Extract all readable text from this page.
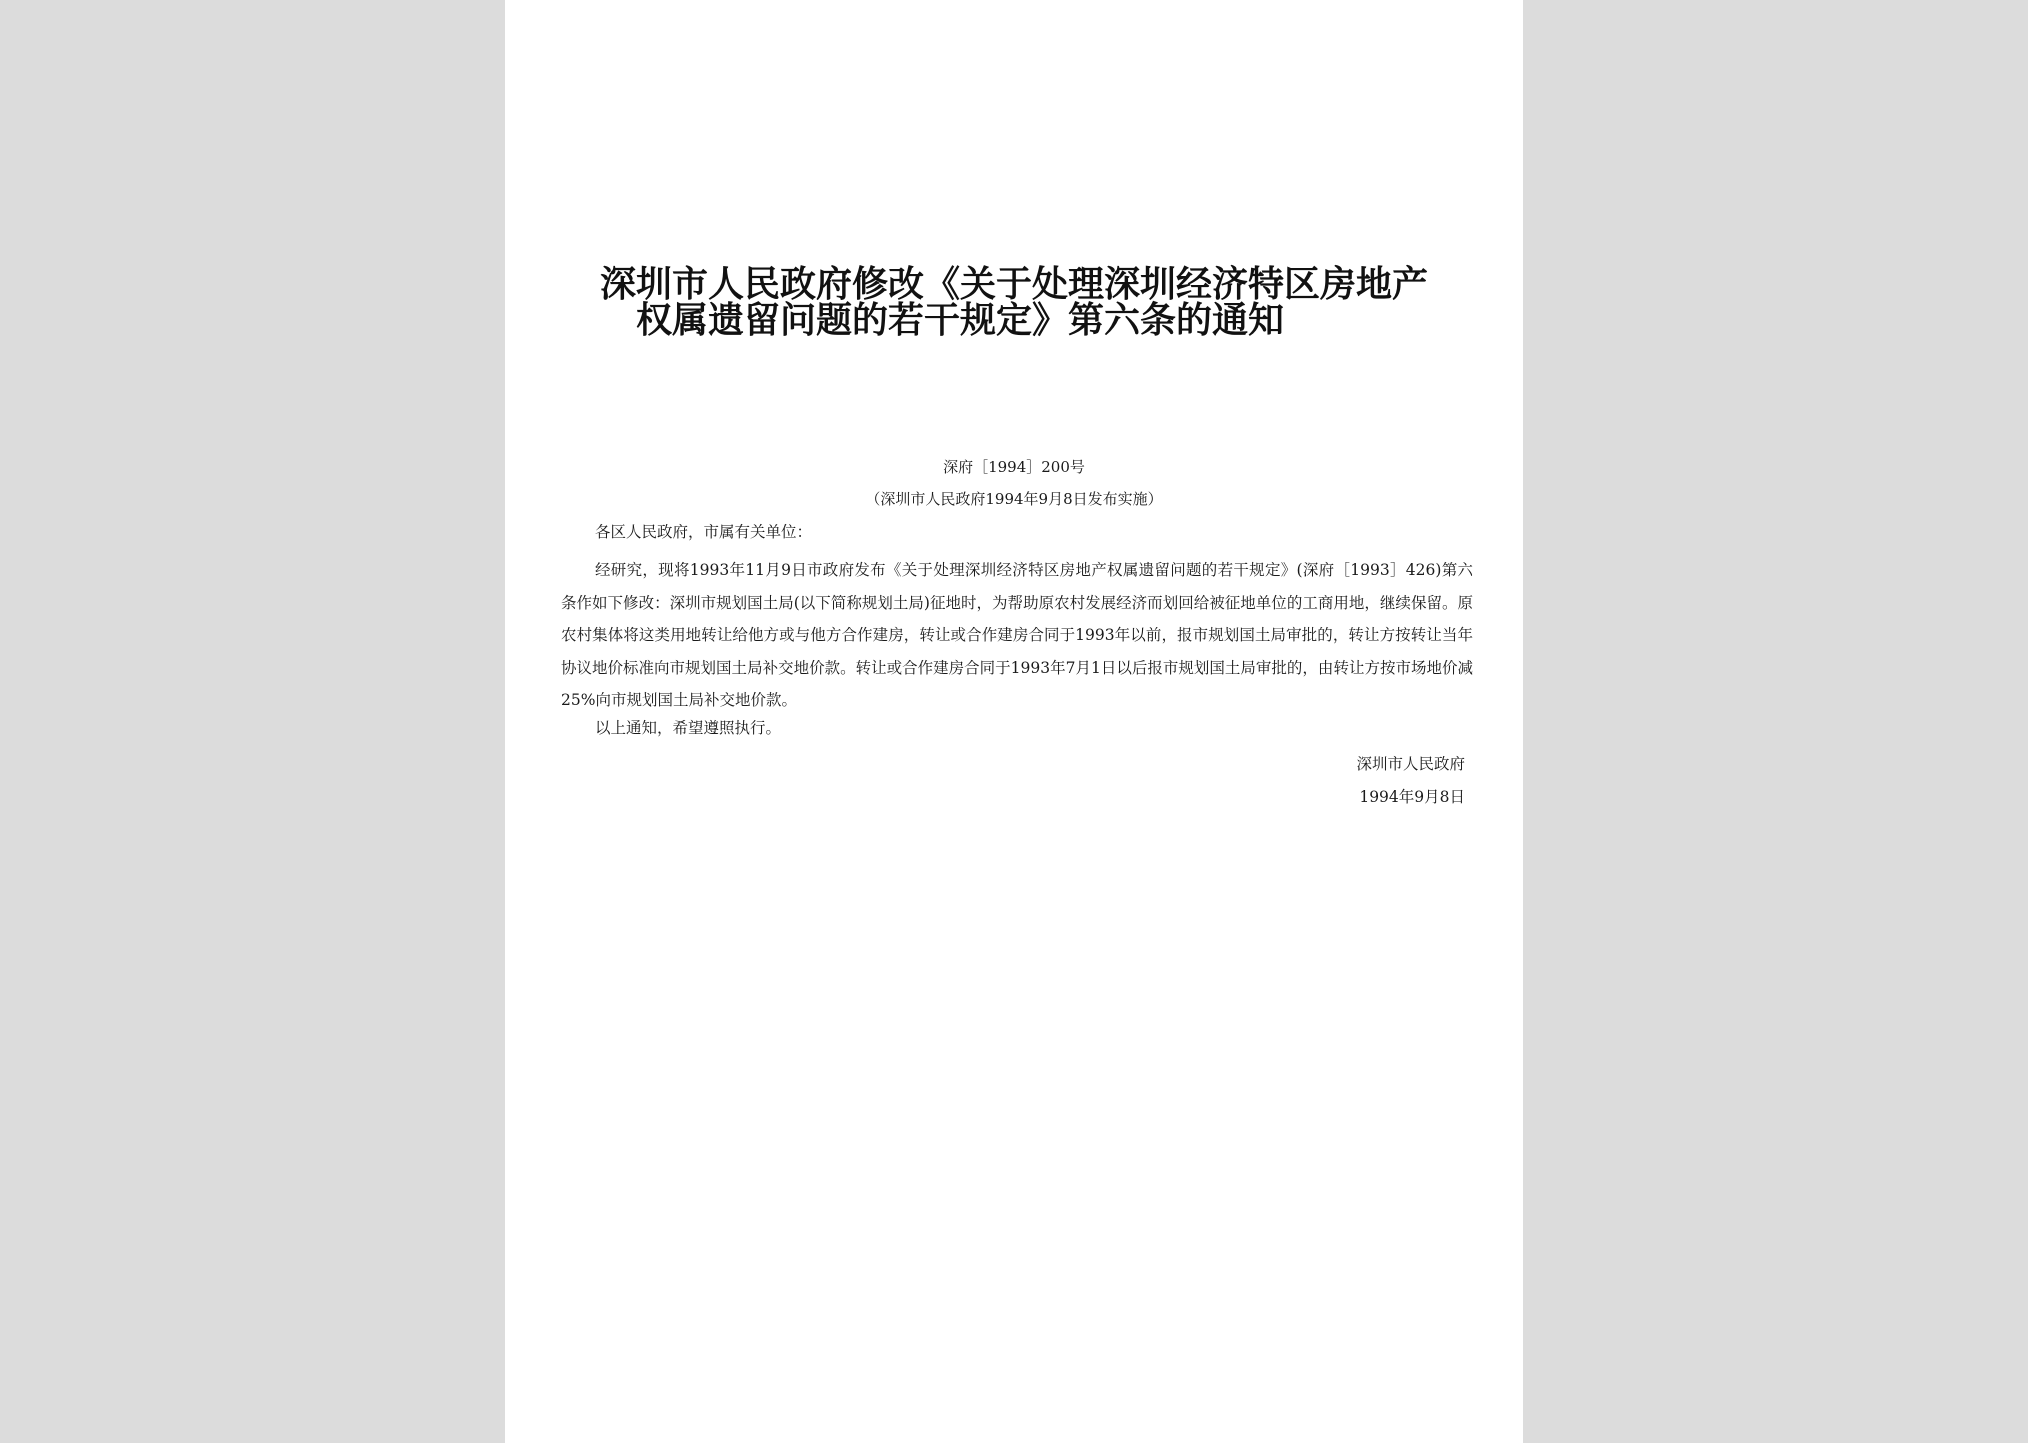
深圳市人民政府修改《关于处理深圳经济特区房地产
权属遗留问题的若干规定》第六条的通知
深府［1994］200号
（深圳市人民政府1994年9月8日发布实施）
各区人民政府，市属有关单位：
经研究，现将1993年11月9日市政府发布《关于处理深圳经济特区房地产权属遗留问题的若干规定》(深府［1993］426)第六条作如下修改：深圳市规划国土局(以下简称规划土局)征地时，为帮助原农村发展经济而划回给被征地单位的工商用地，继续保留。原农村集体将这类用地转让给他方或与他方合作建房，转让或合作建房合同于1993年以前，报市规划国土局审批的，转让方按转让当年协议地价标准向市规划国土局补交地价款。转让或合作建房合同于1993年7月1日以后报市规划国土局审批的，由转让方按市场地价减25%向市规划国土局补交地价款。
以上通知，希望遵照执行。
深圳市人民政府
1994年9月8日
